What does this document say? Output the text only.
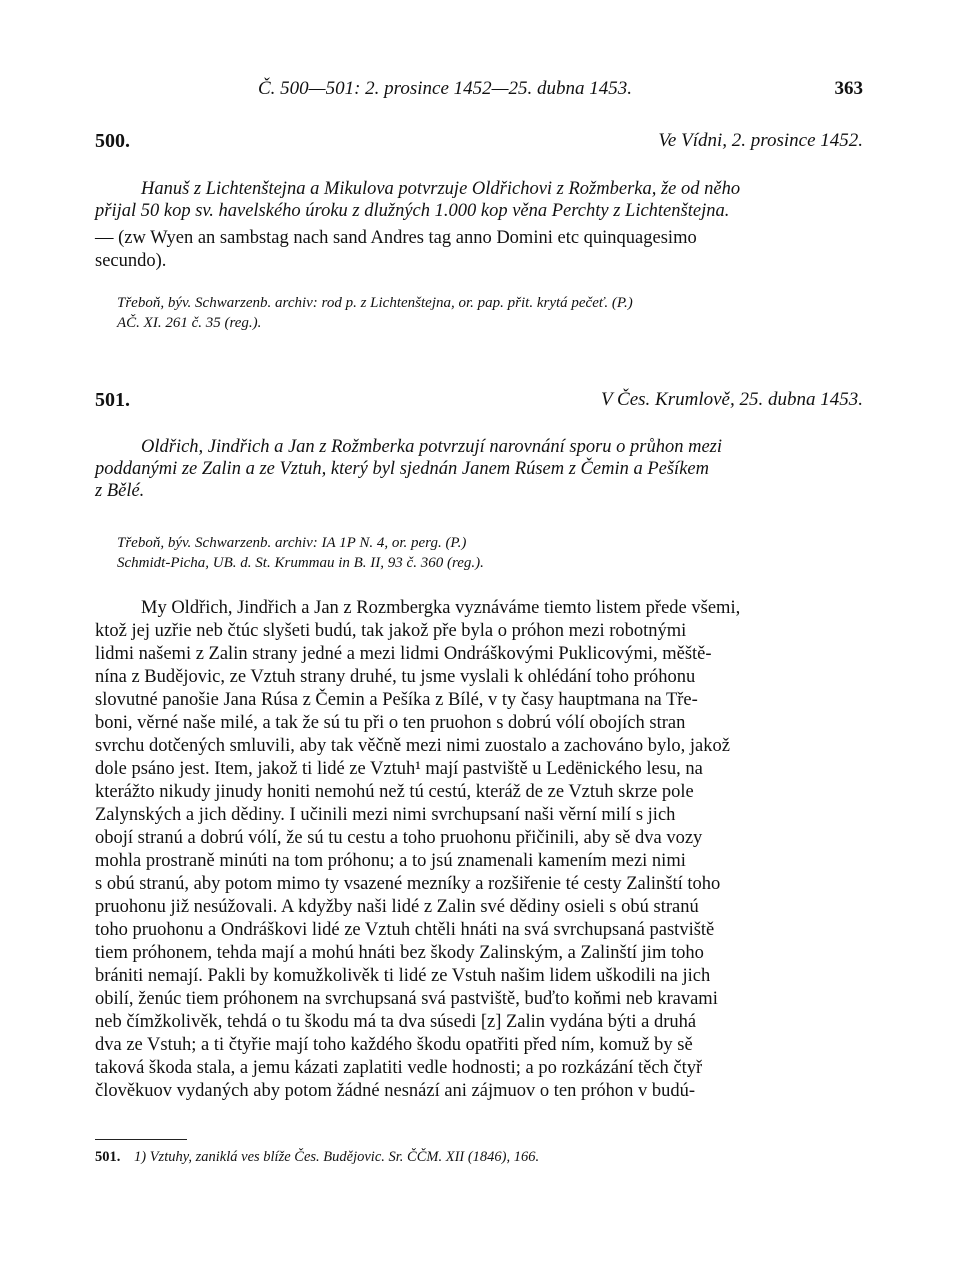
Č. 500—501: 2. prosince 1452—25. dubna 1453.	363
500.	Ve Vídni, 2. prosince 1452.
Hanuš z Lichtenštejna a Mikulova potvrzuje Oldřichovi z Rožmberka, že od něho
přijal 50 kop sv. havelského úroku z dlužných 1.000 kop věna Perchty z Lichtenštejna.
— (zw Wyen an sambstag nach sand Andres tag anno Domini etc quinquagesimo
secundo).
Třeboň, býv. Schwarzenb. archiv: rod p. z Lichtenštejna, or. pap. přit. krytá pečeť. (P.)
AČ. XI. 261 č. 35 (reg.).
501.	V Čes. Krumlově, 25. dubna 1453.
Oldřich, Jindřich a Jan z Rožmberka potvrzují narovnání sporu o průhon mezi
poddanými ze Zalin a ze Vztuh, který byl sjednán Janem Rúsem z Čemin a Pešíkem
z Bělé.
Třeboň, býv. Schwarzenb. archiv: IA 1P N. 4, or. perg. (P.)
Schmidt-Picha, UB. d. St. Krummau in B. II, 93 č. 360 (reg.).
My Oldřich, Jindřich a Jan z Rozmbergka vyznáváme tiemto listem přede všemi,
ktož jej uzřie neb čtúc slyšeti budú, tak jakož pře byla o próhon mezi robotnými
lidmi našemi z Zalin strany jedné a mezi lidmi Ondráškovými Puklicovými, měště-
nína z Budějovic, ze Vztuh strany druhé, tu jsme vyslali k ohlédání toho próhonu
slovutné panošie Jana Rúsa z Čemin a Pešíka z Bílé, v ty časy hauptmana na Tře-
boni, věrné naše milé, a tak že sú tu při o ten pruohon s dobrú vólí obojích stran
svrchu dotčených smluvili, aby tak věčně mezi nimi zuostalo a zachováno bylo, jakož
dole psáno jest. Item, jakož ti lidé ze Vztuh¹ mají pastviště u Ledënického lesu, na
kterážto nikudy jinudy honiti nemohú než tú cestú, kteráž de ze Vztuh skrze pole
Zalynských a jich dědiny. I učinili mezi nimi svrchupsaní naši věrní milí s jich
obojí stranú a dobrú vólí, že sú tu cestu a toho pruohonu přičinili, aby sě dva vozy
mohla prostraně minúti na tom próhonu; a to jsú znamenali kamením mezi nimi
s obú stranú, aby potom mimo ty vsazené mezníky a rozšiřenie té cesty Zalinští toho
pruohonu již nesúžovali. A kdyžby naši lidé z Zalin své dědiny osieli s obú stranú
toho pruohonu a Ondráškovi lidé ze Vztuh chtěli hnáti na svá svrchupsaná pastviště
tiem próhonem, tehda mají a mohú hnáti bez škody Zalinským, a Zalinští jim toho
brániti nemají. Pakli by komužkolivěk ti lidé ze Vstuh našim lidem uškodili na jich
obilí, ženúc tiem próhonem na svrchupsaná svá pastviště, buďto koňmi neb kravami
neb čímžkolivěk, tehdá o tu škodu má ta dva súsedi [z] Zalin vydána býti a druhá
dva ze Vstuh; a ti čtyřie mají toho každého škodu opatřiti před ním, komuž by sě
taková škoda stala, a jemu kázati zaplatiti vedle hodnosti; a po rozkázání těch čtyř
člověkuov vydaných aby potom žádné nesnází ani zájmuov o ten próhon v budú-
501. 1) Vztuhy, zaniklá ves blíže Čes. Budějovic. Sr. ČČM. XII (1846), 166.
